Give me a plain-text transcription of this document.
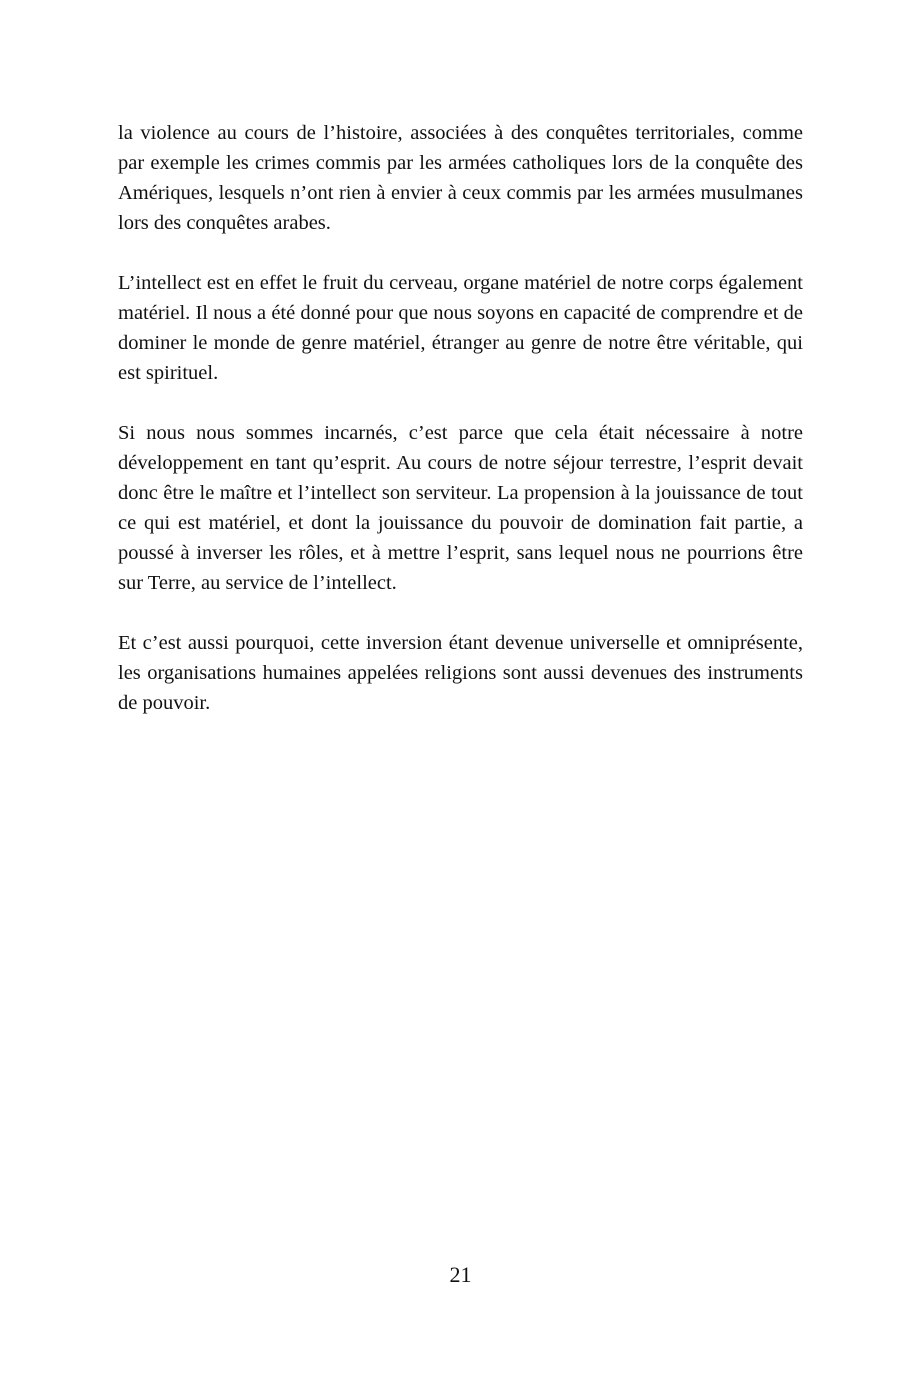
la violence au cours de l’histoire, associées à des conquêtes territoriales, comme par exemple les crimes commis par les armées catholiques lors de la conquête des Amériques, lesquels n’ont rien à envier à ceux commis par les armées musulmanes lors des conquêtes arabes.

L’intellect est en effet le fruit du cerveau, organe matériel de notre corps également matériel. Il nous a été donné pour que nous soyons en capacité de comprendre et de dominer le monde de genre matériel, étranger au genre de notre être véritable, qui est spirituel.

Si nous nous sommes incarnés, c’est parce que cela était nécessaire à notre développement en tant qu’esprit. Au cours de notre séjour terrestre, l’esprit devait donc être le maître et l’intellect son serviteur. La propension à la jouissance de tout ce qui est matériel, et dont la jouissance du pouvoir de domination fait partie, a poussé à inverser les rôles, et à mettre l’esprit, sans lequel nous ne pourrions être sur Terre, au service de l’intellect.

Et c’est aussi pourquoi, cette inversion étant devenue universelle et omniprésente, les organisations humaines appelées religions sont aussi devenues des instruments de pouvoir.

21
